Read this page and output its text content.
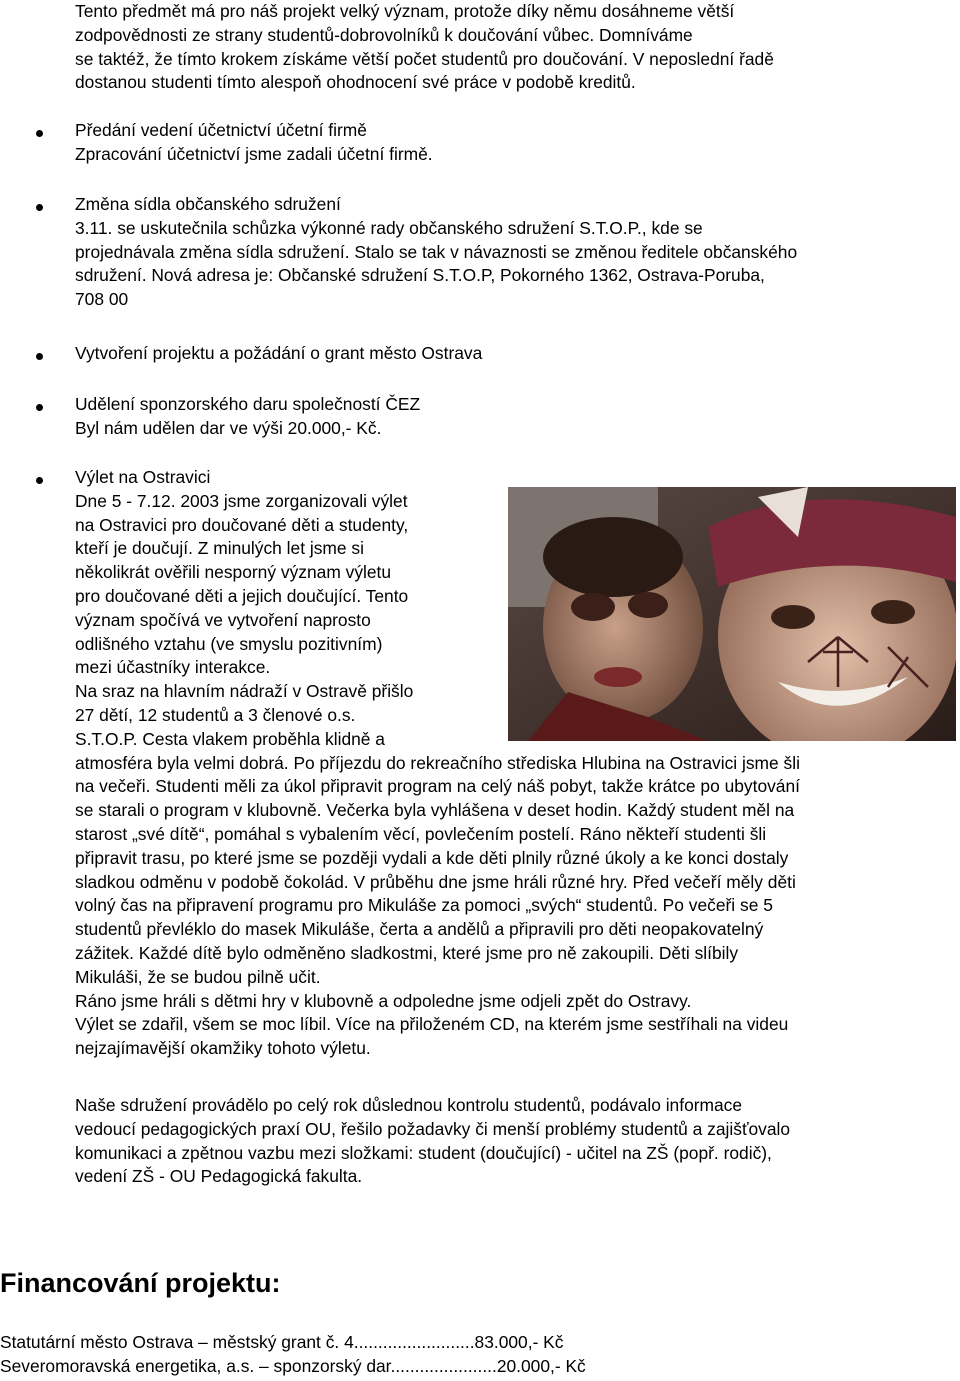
Tento předmět má pro náš projekt velký význam, protože díky němu dosáhneme větší
zodpovědnosti ze strany studentů-dobrovolníků k doučování vůbec. Domníváme
se taktéž, že tímto krokem získáme větší počet studentů pro doučování. V neposlední řadě
dostanou studenti tímto alespoň ohodnocení své práce v podobě kreditů.

Předání vedení účetnictví účetní firmě
Zpracování účetnictví jsme zadali účetní firmě.

Změna sídla občanského sdružení
3.11. se uskutečnila schůzka výkonné rady občanského sdružení S.T.O.P., kde se
projednávala změna sídla sdružení. Stalo se tak v návaznosti se změnou ředitele občanského
sdružení. Nová adresa je: Občanské sdružení S.T.O.P, Pokorného 1362, Ostrava-Poruba,
708 00

Vytvoření projektu a požádání o grant město Ostrava

Udělení sponzorského daru společností ČEZ
Byl nám udělen dar ve výši 20.000,- Kč.

Výlet na Ostravici
Dne 5 - 7.12. 2003 jsme zorganizovali výlet
na Ostravici pro doučované děti a studenty,
kteří je doučují. Z minulých let jsme si
několikrát ověřili nesporný význam výletu
pro doučované děti a jejich doučující. Tento
význam spočívá ve vytvoření naprosto
odlišného vztahu (ve smyslu pozitivním)
mezi účastníky interakce.
Na sraz na hlavním nádraží v Ostravě přišlo
27 dětí, 12 studentů a 3 členové o.s.
S.T.O.P. Cesta vlakem proběhla klidně a
atmosféra byla velmi dobrá. Po příjezdu do rekreačního střediska Hlubina na Ostravici jsme šli
na večeři. Studenti měli za úkol připravit program na celý náš pobyt, takže krátce po ubytování
se starali o program v klubovně. Večerka byla vyhlášena v deset hodin. Každý student měl na
starost „své dítě“, pomáhal s vybalením věcí, povlečením postelí. Ráno někteří studenti šli
připravit trasu, po které jsme se později vydali a kde děti plnily různé úkoly a ke konci dostaly
sladkou odměnu v podobě čokolád. V průběhu dne jsme hráli různé hry. Před večeří měly děti
volný čas na připravení programu pro Mikuláše za pomoci „svých“ studentů. Po večeři se 5
studentů převléklo do masek Mikuláše, čerta a andělů a připravili pro děti neopakovatelný
zážitek. Každé dítě bylo odměněno sladkostmi, které jsme pro ně zakoupili. Děti slíbily
Mikuláši, že se budou pilně učit.
Ráno jsme hráli s dětmi hry v klubovně a odpoledne jsme odjeli zpět do Ostravy.
Výlet se zdařil, všem se moc líbil. Více na přiloženém CD, na kterém jsme sestříhali na videu
nejzajímavější okamžiky tohoto výletu.

Naše sdružení provádělo po celý rok důslednou kontrolu studentů, podávalo informace
vedoucí pedagogických praxí OU, řešilo požadavky či menší problémy studentů a zajišťovalo
komunikaci a zpětnou vazbu mezi složkami: student (doučující) - učitel na ZŠ (popř. rodič),
vedení ZŠ - OU Pedagogická fakulta.

Financování projektu:

Statutární město Ostrava – městský grant č. 4.........................83.000,- Kč

Severomoravská energetika, a.s. – sponzorský dar......................20.000,- Kč
